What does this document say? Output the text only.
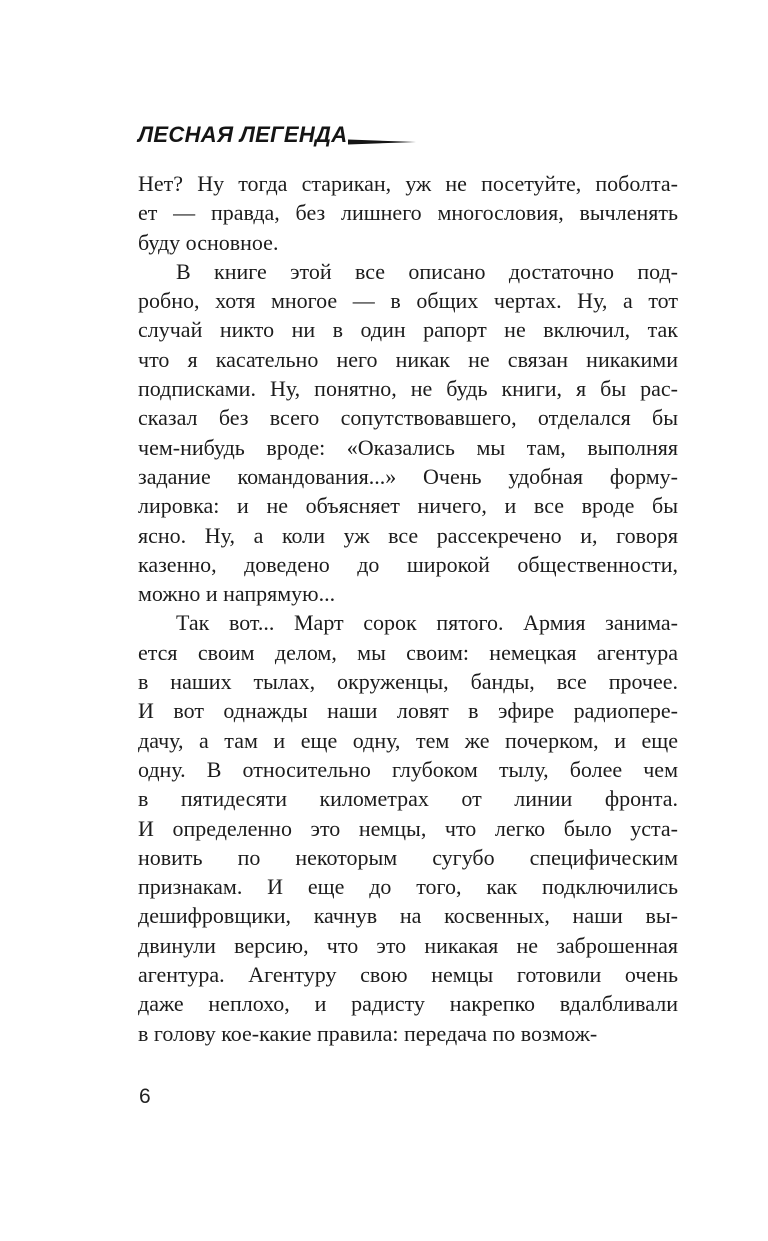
ЛЕСНАЯ ЛЕГЕНДА
Нет? Ну тогда старикан, уж не посетуйте, поболта-
ет — правда, без лишнего многословия, вычленять
буду основное.
В книге этой все описано достаточно под-
робно, хотя многое — в общих чертах. Ну, а тот
случай никто ни в один рапорт не включил, так
что я касательно него никак не связан никакими
подписками. Ну, понятно, не будь книги, я бы рас-
сказал без всего сопутствовавшего, отделался бы
чем-нибудь вроде: «Оказались мы там, выполняя
задание командования...» Очень удобная форму-
лировка: и не объясняет ничего, и все вроде бы
ясно. Ну, а коли уж все рассекречено и, говоря
казенно, доведено до широкой общественности,
можно и напрямую...
Так вот... Март сорок пятого. Армия занима-
ется своим делом, мы своим: немецкая агентура
в наших тылах, окруженцы, банды, все прочее.
И вот однажды наши ловят в эфире радиопере-
дачу, а там и еще одну, тем же почерком, и еще
одну. В относительно глубоком тылу, более чем
в пятидесяти километрах от линии фронта.
И определенно это немцы, что легко было уста-
новить по некоторым сугубо специфическим
признакам. И еще до того, как подключились
дешифровщики, качнув на косвенных, наши вы-
двинули версию, что это никакая не заброшенная
агентура. Агентуру свою немцы готовили очень
даже неплохо, и радисту накрепко вдалбливали
в голову кое-какие правила: передача по возмож-
6
